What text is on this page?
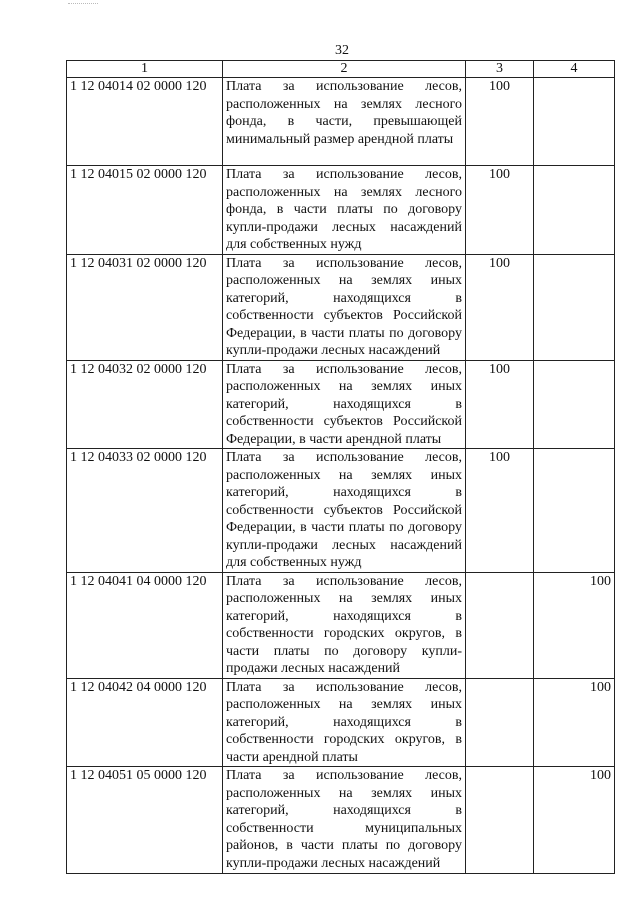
32
1	2	3	4
1 12 04014 02 0000 120	Плата за использование лесов, расположенных на землях лесного фонда, в части, превышающей минимальный размер арендной платы	100	
1 12 04015 02 0000 120	Плата за использование лесов, расположенных на землях лесного фонда, в части платы по договору купли-продажи лесных насаждений для собственных нужд	100	
1 12 04031 02 0000 120	Плата за использование лесов, расположенных на землях иных категорий, находящихся в собственности субъектов Российской Федерации, в части платы по договору купли-продажи лесных насаждений	100	
1 12 04032 02 0000 120	Плата за использование лесов, расположенных на землях иных категорий, находящихся в собственности субъектов Российской Федерации, в части арендной платы	100	
1 12 04033 02 0000 120	Плата за использование лесов, расположенных на землях иных категорий, находящихся в собственности субъектов Российской Федерации, в части платы по договору купли-продажи лесных насаждений для собственных нужд	100	
1 12 04041 04 0000 120	Плата за использование лесов, расположенных на землях иных категорий, находящихся в собственности городских округов, в части платы по договору купли-продажи лесных насаждений		100
1 12 04042 04 0000 120	Плата за использование лесов, расположенных на землях иных категорий, находящихся в собственности городских округов, в части арендной платы		100
1 12 04051 05 0000 120	Плата за использование лесов, расположенных на землях иных категорий, находящихся в собственности муниципальных районов, в части платы по договору купли-продажи лесных насаждений		100
